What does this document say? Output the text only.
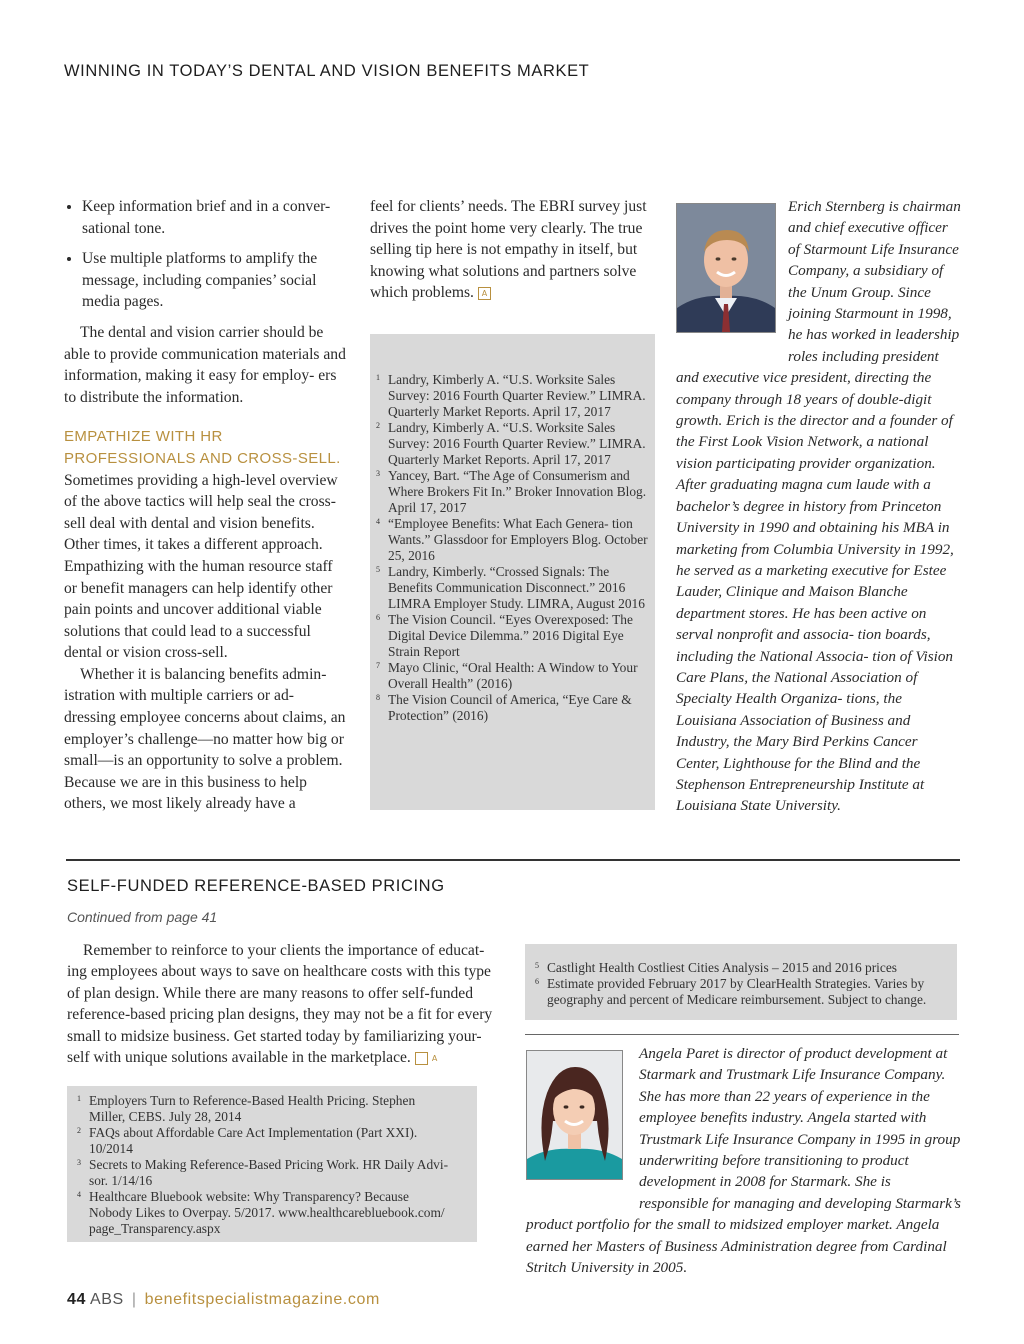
WINNING IN TODAY’S DENTAL AND VISION BENEFITS MARKET
• Keep information brief and in a conver- sational tone.
• Use multiple platforms to amplify the message, including companies’ social media pages.

The dental and vision carrier should be able to provide communication materials and information, making it easy for employ- ers to distribute the information.

EMPATHIZE WITH HR PROFESSIONALS AND CROSS-SELL.

Sometimes providing a high-level overview of the above tactics will help seal the cross- sell deal with dental and vision benefits. Other times, it takes a different approach. Empathizing with the human resource staff or benefit managers can help identify other pain points and uncover additional viable solutions that could lead to a successful dental or vision cross-sell.

Whether it is balancing benefits admin- istration with multiple carriers or ad- dressing employee concerns about claims, an employer’s challenge—no matter how big or small—is an opportunity to solve a problem. Because we are in this business to help others, we most likely already have a

feel for clients’ needs. The EBRI survey just drives the point home very clearly. The true selling tip here is not empathy in itself, but knowing what solutions and partners solve which problems. A

1 Landry, Kimberly A. “U.S. Worksite Sales Survey: 2016 Fourth Quarter Review.” LIMRA. Quarterly Market Reports. April 17, 2017
2 Landry, Kimberly A. “U.S. Worksite Sales Survey: 2016 Fourth Quarter Review.” LIMRA. Quarterly Market Reports. April 17, 2017
3 Yancey, Bart. “The Age of Consumerism and Where Brokers Fit In.” Broker Innovation Blog. April 17, 2017
4 “Employee Benefits: What Each Genera- tion Wants.” Glassdoor for Employers Blog. October 25, 2016
5 Landry, Kimberly. “Crossed Signals: The Benefits Communication Disconnect.” 2016 LIMRA Employer Study. LIMRA, August 2016
6 The Vision Council. “Eyes Overexposed: The Digital Device Dilemma.” 2016 Digital Eye Strain Report
7 Mayo Clinic, “Oral Health: A Window to Your Overall Health” (2016)
8 The Vision Council of America, “Eye Care & Protection” (2016)

Erich Sternberg is chairman and chief executive officer of Starmount Life Insurance Company, a subsidiary of the Unum Group. Since joining Starmount in 1998, he has worked in leadership roles including president and executive vice president, directing the company through 18 years of double-digit growth. Erich is the director and a founder of the First Look Vision Network, a national vision participating provider organization. After graduating magna cum laude with a bachelor’s degree in history from Princeton University in 1990 and obtaining his MBA in marketing from Columbia University in 1992, he served as a marketing executive for Estee Lauder, Clinique and Maison Blanche department stores. He has been active on serval nonprofit and associa- tion boards, including the National Associa- tion of Vision Care Plans, the National Association of Specialty Health Organiza- tions, the Louisiana Association of Business and Industry, the Mary Bird Perkins Cancer Center, Lighthouse for the Blind and the Stephenson Entrepreneurship Institute at Louisiana State University.

SELF-FUNDED REFERENCE-BASED PRICING
Continued from page 41

Remember to reinforce to your clients the importance of educat- ing employees about ways to save on healthcare costs with this type of plan design. While there are many reasons to offer self-funded reference-based pricing plan designs, they may not be a fit for every small to midsize business. Get started today by familiarizing your- self with unique solutions available in the marketplace.	A

1 Employers Turn to Reference-Based Health Pricing. Stephen Miller, CEBS. July 28, 2014
2 FAQs about Affordable Care Act Implementation (Part XXI). 10/2014
3 Secrets to Making Reference-Based Pricing Work. HR Daily Advi- sor. 1/14/16
4 Healthcare Bluebook website: Why Transparency? Because Nobody Likes to Overpay. 5/2017. www.healthcarebluebook.com/ page_Transparency.aspx
5 Castlight Health Costliest Cities Analysis – 2015 and 2016 prices
6 Estimate provided February 2017 by ClearHealth Strategies. Varies by geography and percent of Medicare reimbursement. Subject to change.

Angela Paret is director of product development at Starmark and Trustmark Life Insurance Company. She has more than 22 years of experience in the employee benefits industry. Angela started with Trustmark Life Insurance Company in 1995 in group underwriting before transitioning to product development in 2008 for Starmark. She is responsible for managing and developing Starmark’s product portfolio for the small to midsized employer market. Angela earned her Masters of Business Administration degree from Cardinal Stritch University in 2005.

44 ABS | benefitspecialistmagazine.com
